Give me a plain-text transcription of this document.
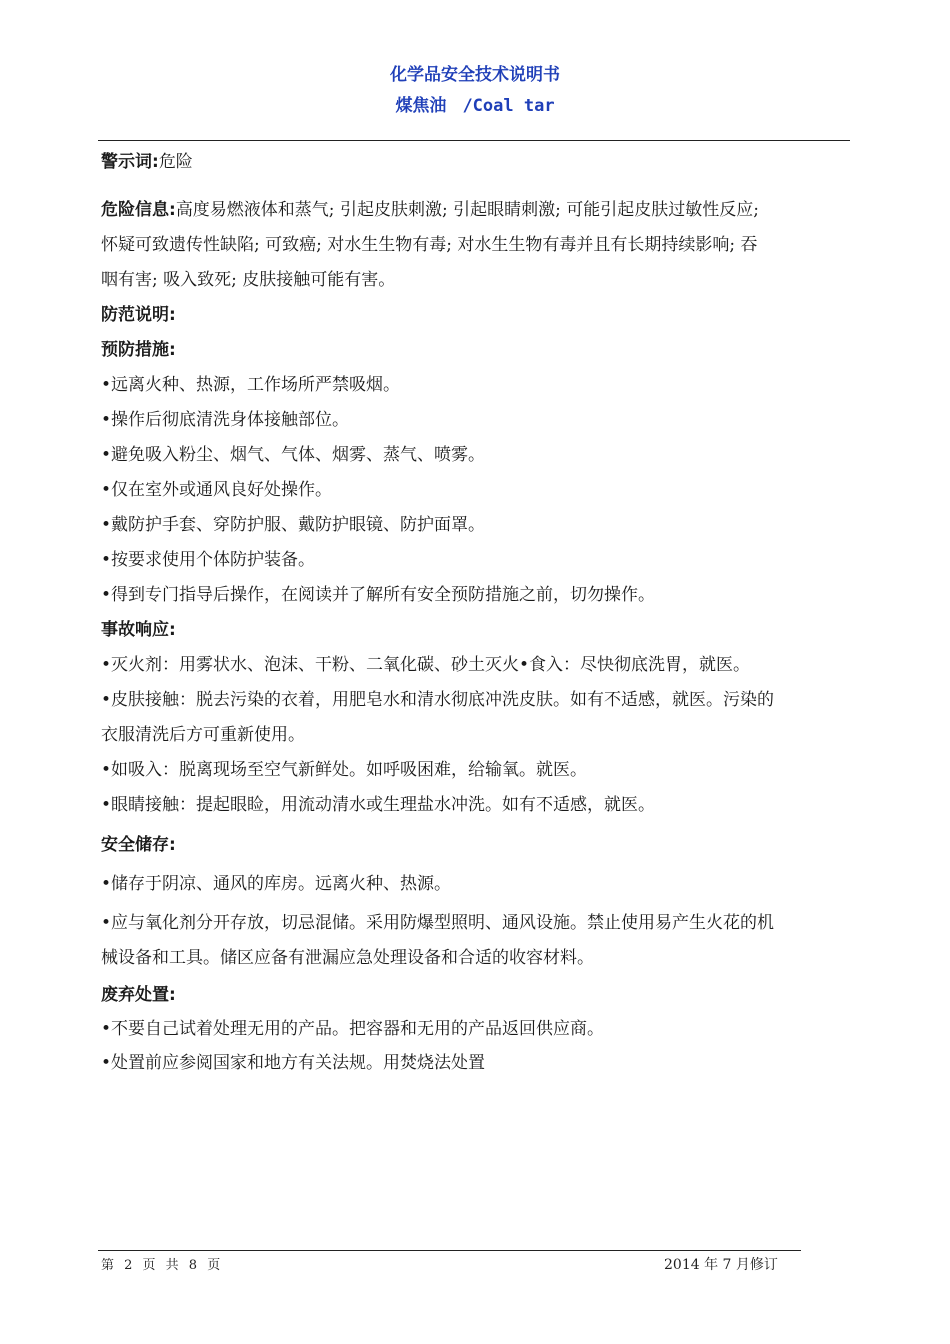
化学品安全技术说明书
煤焦油 /Coal tar
警示词:危险
危险信息:高度易燃液体和蒸气; 引起皮肤刺激; 引起眼睛刺激; 可能引起皮肤过敏性反应;
怀疑可致遗传性缺陷; 可致癌; 对水生生物有毒; 对水生生物有毒并且有长期持续影响; 吞
咽有害; 吸入致死; 皮肤接触可能有害。
防范说明:
预防措施:
•远离火种、热源，工作场所严禁吸烟。
•操作后彻底清洗身体接触部位。
•避免吸入粉尘、烟气、气体、烟雾、蒸气、喷雾。
•仅在室外或通风良好处操作。
•戴防护手套、穿防护服、戴防护眼镜、防护面罩。
•按要求使用个体防护装备。
•得到专门指导后操作，在阅读并了解所有安全预防措施之前，切勿操作。
事故响应:
•灭火剂：用雾状水、泡沫、干粉、二氧化碳、砂土灭火•食入：尽快彻底洗胃，就医。
•皮肤接触：脱去污染的衣着，用肥皂水和清水彻底冲洗皮肤。如有不适感，就医。污染的
衣服清洗后方可重新使用。
•如吸入：脱离现场至空气新鲜处。如呼吸困难，给输氧。就医。
•眼睛接触：提起眼睑，用流动清水或生理盐水冲洗。如有不适感，就医。
安全储存:
•储存于阴凉、通风的库房。远离火种、热源。
•应与氧化剂分开存放，切忌混储。采用防爆型照明、通风设施。禁止使用易产生火花的机
械设备和工具。储区应备有泄漏应急处理设备和合适的收容材料。
废弃处置:
•不要自己试着处理无用的产品。把容器和无用的产品返回供应商。
•处置前应参阅国家和地方有关法规。用焚烧法处置
第 2 页 共 8 页	2014 年 7 月修订
